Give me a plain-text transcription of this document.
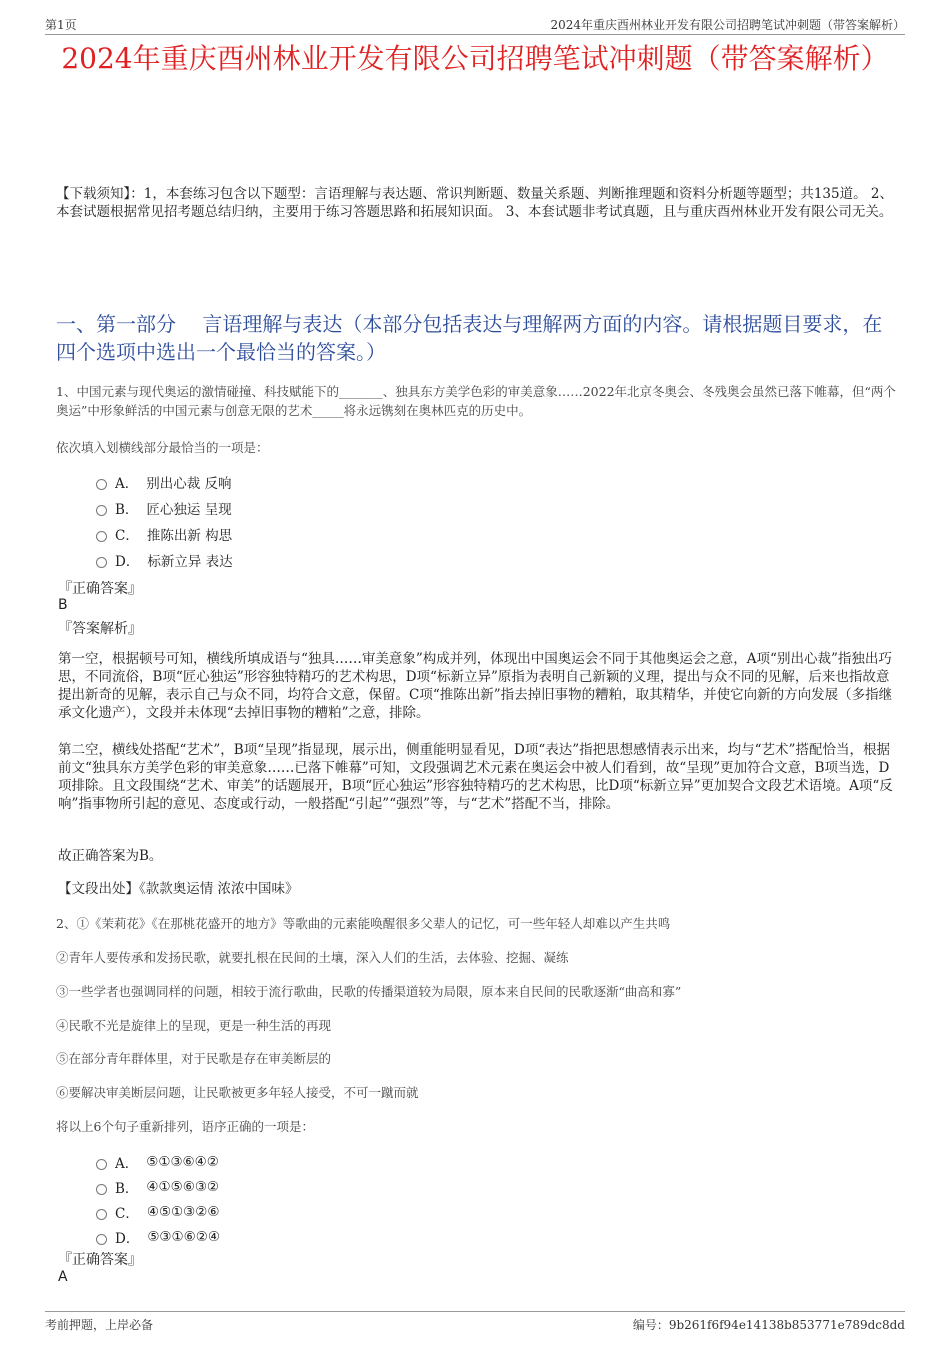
第1页	2024年重庆酉州林业开发有限公司招聘笔试冲刺题（带答案解析）
2024年重庆酉州林业开发有限公司招聘笔试冲刺题（带答案解析）
【下载须知】：1，本套练习包含以下题型：言语理解与表达题、常识判断题、数量关系题、判断推理题和资料分析题等题型；共135道。 2、本套试题根据常见招考题总结归纳，主要用于练习答题思路和拓展知识面。 3、本套试题非考试真题，且与重庆酉州林业开发有限公司无关。
一、第一部分　 言语理解与表达（本部分包括表达与理解两方面的内容。请根据题目要求，在四个选项中选出一个最恰当的答案。）
1、中国元素与现代奥运的激情碰撞、科技赋能下的_______、独具东方美学色彩的审美意象……2022年北京冬奥会、冬残奥会虽然已落下帷幕，但“两个奥运”中形象鲜活的中国元素与创意无限的艺术_____将永远镌刻在奥林匹克的历史中。
依次填入划横线部分最恰当的一项是：
A． 别出心裁 反响
B． 匠心独运 呈现
C． 推陈出新 构思
D． 标新立异 表达
『正确答案』
B
『答案解析』
第一空，根据顿号可知，横线所填成语与“独具……审美意象”构成并列，体现出中国奥运会不同于其他奥运会之意，A项“别出心裁”指独出巧思，不同流俗，B项“匠心独运”形容独特精巧的艺术构思，D项“标新立异”原指为表明自己新颖的义理，提出与众不同的见解，后来也指故意提出新奇的见解，表示自己与众不同，均符合文意，保留。C项“推陈出新”指去掉旧事物的糟粕，取其精华，并使它向新的方向发展（多指继承文化遗产），文段并未体现“去掉旧事物的糟粕”之意，排除。
第二空，横线处搭配“艺术”，B项“呈现”指显现，展示出，侧重能明显看见，D项“表达”指把思想感情表示出来，均与“艺术”搭配恰当，根据前文“独具东方美学色彩的审美意象……已落下帷幕”可知，文段强调艺术元素在奥运会中被人们看到，故“呈现”更加符合文意，B项当选，D项排除。且文段围绕“艺术、审美”的话题展开，B项“匠心独运”形容独特精巧的艺术构思，比D项“标新立异”更加契合文段艺术语境。A项“反响”指事物所引起的意见、态度或行动，一般搭配“引起”“强烈”等，与“艺术”搭配不当，排除。
故正确答案为B。
【文段出处】《款款奥运情 浓浓中国味》
2、①《茉莉花》《在那桃花盛开的地方》等歌曲的元素能唤醒很多父辈人的记忆，可一些年轻人却难以产生共鸣
②青年人要传承和发扬民歌，就要扎根在民间的土壤，深入人们的生活，去体验、挖掘、凝练
③一些学者也强调同样的问题，相较于流行歌曲，民歌的传播渠道较为局限，原本来自民间的民歌逐渐“曲高和寡”
④民歌不光是旋律上的呈现，更是一种生活的再现
⑤在部分青年群体里，对于民歌是存在审美断层的
⑥要解决审美断层问题，让民歌被更多年轻人接受，不可一蹴而就
将以上6个句子重新排列，语序正确的一项是：
A． ⑤①③⑥④②
B． ④①⑤⑥③②
C． ④⑤①③②⑥
D． ⑤③①⑥②④
『正确答案』
A
考前押题，上岸必备	编号：9b261f6f94e14138b853771e789dc8dd
